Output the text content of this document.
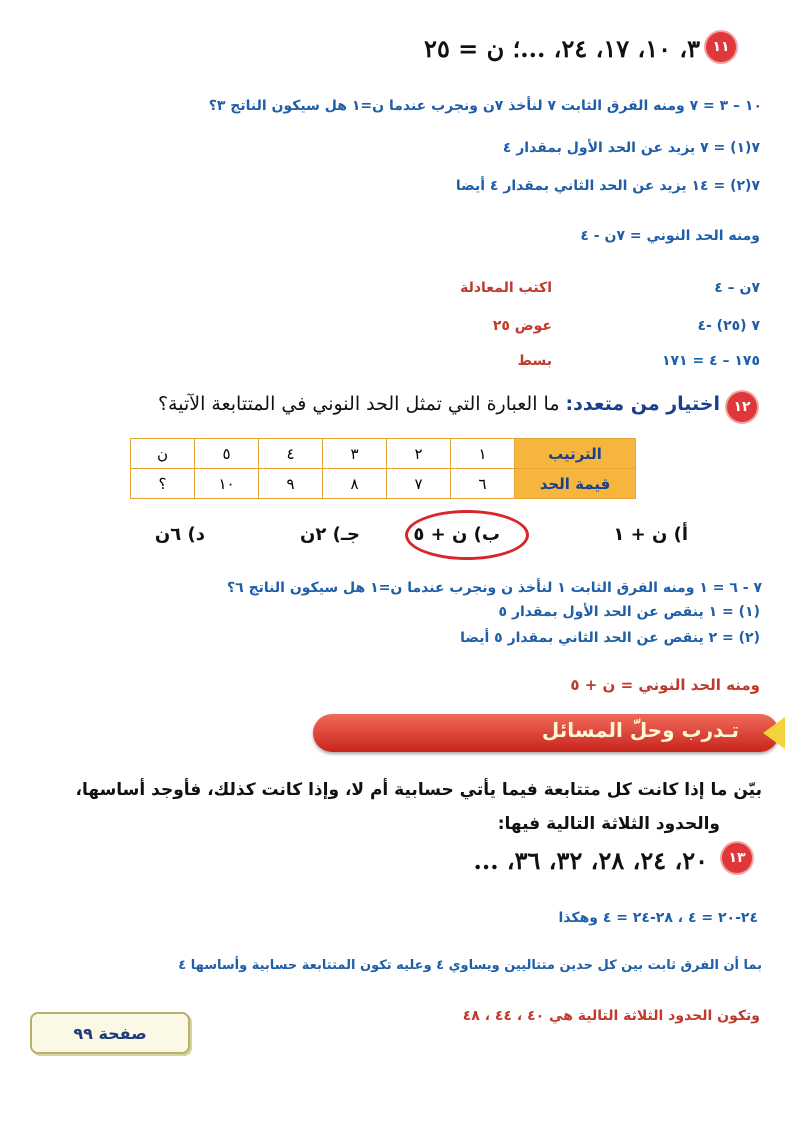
١١
٣، ١٠، ١٧، ٢٤، ...؛ ن = ٢٥
١٠ – ٣ = ٧ ومنه الفرق الثابت ٧ لنأخذ ٧ن ونجرب عندما ن=١ هل سيكون الناتج ٣؟
٧(١) = ٧ يزيد عن الحد الأول بمقدار ٤
٧(٢) = ١٤ يزيد عن الحد الثاني بمقدار ٤ أيضا
ومنه الحد النوني = ٧ن - ٤
٧ن – ٤
اكتب المعادلة
٧ (٢٥) -٤
عوض ٢٥
١٧٥ – ٤ = ١٧١
بسط
١٢
اختيار من متعدد: ما العبارة التي تمثل الحد النوني في المتتابعة الآتية؟
الترتيب	١	٢	٣	٤	٥	ن
قيمة الحد	٦	٧	٨	٩	١٠	؟
أ) ن + ١
ب) ن + ٥
جـ) ٢ن
د) ٦ن
٧ - ٦ = ١ ومنه الفرق الثابت ١ لنأخذ ن ونجرب عندما ن=١ هل سيكون الناتج ٦؟
(١) = ١ ينقص عن الحد الأول بمقدار ٥
(٢) = ٢ ينقص عن الحد الثاني بمقدار ٥ أيضا
ومنه الحد النوني = ن + ٥
تـدرب وحلّ المسائل
بيّن ما إذا كانت كل متتابعة فيما يأتي حسابية أم لا، وإذا كانت كذلك، فأوجد أساسها،
والحدود الثلاثة التالية فيها:
١٣
٢٠، ٢٤، ٢٨، ٣٢، ٣٦، ...
٢٤-٢٠ = ٤ ، ٢٨-٢٤ = ٤ وهكذا
بما أن الفرق ثابت بين كل حدين متتاليين ويساوي ٤ وعليه تكون المتتابعة حسابية وأساسها ٤
وتكون الحدود الثلاثة التالية هي ٤٠ ، ٤٤ ، ٤٨
صفحة ٩٩
